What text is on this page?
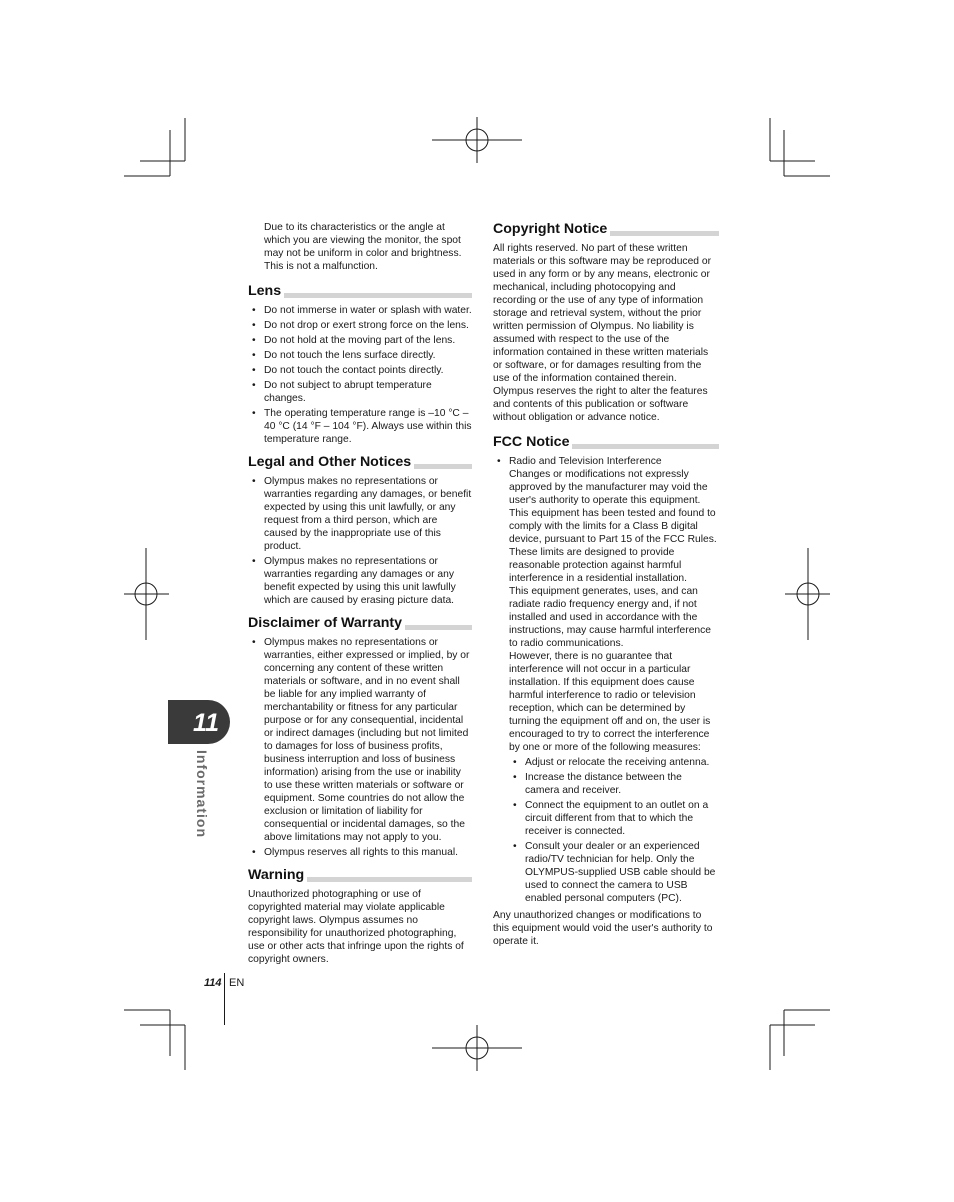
Due to its characteristics or the angle at which you are viewing the monitor, the spot may not be uniform in color and brightness. This is not a malfunction.

Lens
• Do not immerse in water or splash with water.
• Do not drop or exert strong force on the lens.
• Do not hold at the moving part of the lens.
• Do not touch the lens surface directly.
• Do not touch the contact points directly.
• Do not subject to abrupt temperature changes.
• The operating temperature range is –10 °C –40 °C (14 °F – 104 °F). Always use within this temperature range.
Legal and Other Notices
• Olympus makes no representations or warranties regarding any damages, or benefit expected by using this unit lawfully, or any request from a third person, which are caused by the inappropriate use of this product.
• Olympus makes no representations or warranties regarding any damages or any benefit expected by using this unit lawfully which are caused by erasing picture data.
Disclaimer of Warranty
• Olympus makes no representations or warranties, either expressed or implied, by or concerning any content of these written materials or software, and in no event shall be liable for any implied warranty of merchantability or fitness for any particular purpose or for any consequential, incidental or indirect damages (including but not limited to damages for loss of business profits, business interruption and loss of business information) arising from the use or inability to use these written materials or software or equipment. Some countries do not allow the exclusion or limitation of liability for consequential or incidental damages, so the above limitations may not apply to you.
• Olympus reserves all rights to this manual.
Warning

Unauthorized photographing or use of copyrighted material may violate applicable copyright laws. Olympus assumes no responsibility for unauthorized photographing, use or other acts that infringe upon the rights of copyright owners.

Copyright Notice

All rights reserved. No part of these written materials or this software may be reproduced or used in any form or by any means, electronic or mechanical, including photocopying and recording or the use of any type of information storage and retrieval system, without the prior written permission of Olympus. No liability is assumed with respect to the use of the information contained in these written materials or software, or for damages resulting from the use of the information contained therein. Olympus reserves the right to alter the features and contents of this publication or software without obligation or advance notice.

FCC Notice
• Radio and Television Interference

Changes or modifications not expressly approved by the manufacturer may void the user's authority to operate this equipment. This equipment has been tested and found to comply with the limits for a Class B digital device, pursuant to Part 15 of the FCC Rules. These limits are designed to provide reasonable protection against harmful interference in a residential installation.

This equipment generates, uses, and can radiate radio frequency energy and, if not installed and used in accordance with the instructions, may cause harmful interference to radio communications.

However, there is no guarantee that interference will not occur in a particular installation. If this equipment does cause harmful interference to radio or television reception, which can be determined by turning the equipment off and on, the user is encouraged to try to correct the interference by one or more of the following measures:

• Adjust or relocate the receiving antenna.
• Increase the distance between the camera and receiver.
• Connect the equipment to an outlet on a circuit different from that to which the receiver is connected.
• Consult your dealer or an experienced radio/TV technician for help. Only the OLYMPUS-supplied USB cable should be used to connect the camera to USB enabled personal computers (PC).

Any unauthorized changes or modifications to this equipment would void the user's authority to operate it.

11
Information
114 EN
